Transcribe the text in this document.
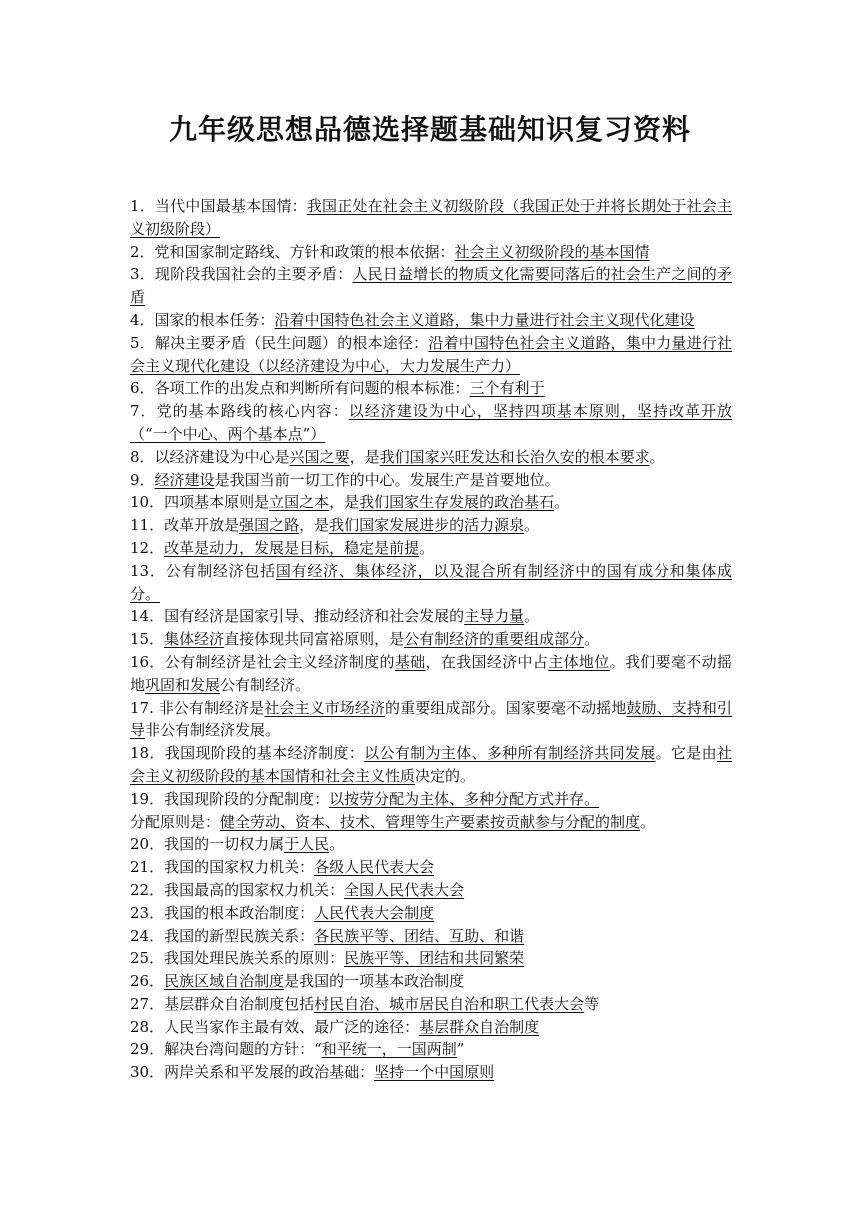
九年级思想品德选择题基础知识复习资料

1．当代中国最基本国情：我国正处在社会主义初级阶段（我国正处于并将长期处于社会主义初级阶段）

2．党和国家制定路线、方针和政策的根本依据：社会主义初级阶段的基本国情

3．现阶段我国社会的主要矛盾：人民日益增长的物质文化需要同落后的社会生产之间的矛盾

4．国家的根本任务：沿着中国特色社会主义道路，集中力量进行社会主义现代化建设

5．解决主要矛盾（民生问题）的根本途径：沿着中国特色社会主义道路，集中力量进行社会主义现代化建设（以经济建设为中心，大力发展生产力）

6．各项工作的出发点和判断所有问题的根本标准：三个有利于

7．党的基本路线的核心内容：以经济建设为中心，坚持四项基本原则，坚持改革开放（“一个中心、两个基本点”）

8．以经济建设为中心是兴国之要，是我们国家兴旺发达和长治久安的根本要求。

9．经济建设是我国当前一切工作的中心。发展生产是首要地位。

10．四项基本原则是立国之本，是我们国家生存发展的政治基石。

11．改革开放是强国之路，是我们国家发展进步的活力源泉。

12．改革是动力，发展是目标，稳定是前提。

13．公有制经济包括国有经济、集体经济，以及混合所有制经济中的国有成分和集体成分。

14．国有经济是国家引导、推动经济和社会发展的主导力量。

15．集体经济直接体现共同富裕原则，是公有制经济的重要组成部分。

16．公有制经济是社会主义经济制度的基础，在我国经济中占主体地位。我们要毫不动摇地巩固和发展公有制经济。

17. 非公有制经济是社会主义市场经济的重要组成部分。国家要毫不动摇地鼓励、支持和引导非公有制经济发展。

18．我国现阶段的基本经济制度：以公有制为主体、多种所有制经济共同发展。它是由社会主义初级阶段的基本国情和社会主义性质决定的。

19．我国现阶段的分配制度：以按劳分配为主体、多种分配方式并存。

分配原则是：健全劳动、资本、技术、管理等生产要素按贡献参与分配的制度。

20．我国的一切权力属于人民。

21．我国的国家权力机关：各级人民代表大会

22．我国最高的国家权力机关：全国人民代表大会

23．我国的根本政治制度：人民代表大会制度

24．我国的新型民族关系：各民族平等、团结、互助、和谐

25．我国处理民族关系的原则：民族平等、团结和共同繁荣

26．民族区域自治制度是我国的一项基本政治制度

27．基层群众自治制度包括村民自治、城市居民自治和职工代表大会等

28．人民当家作主最有效、最广泛的途径：基层群众自治制度

29．解决台湾问题的方针：“和平统一，一国两制”

30．两岸关系和平发展的政治基础：坚持一个中国原则
